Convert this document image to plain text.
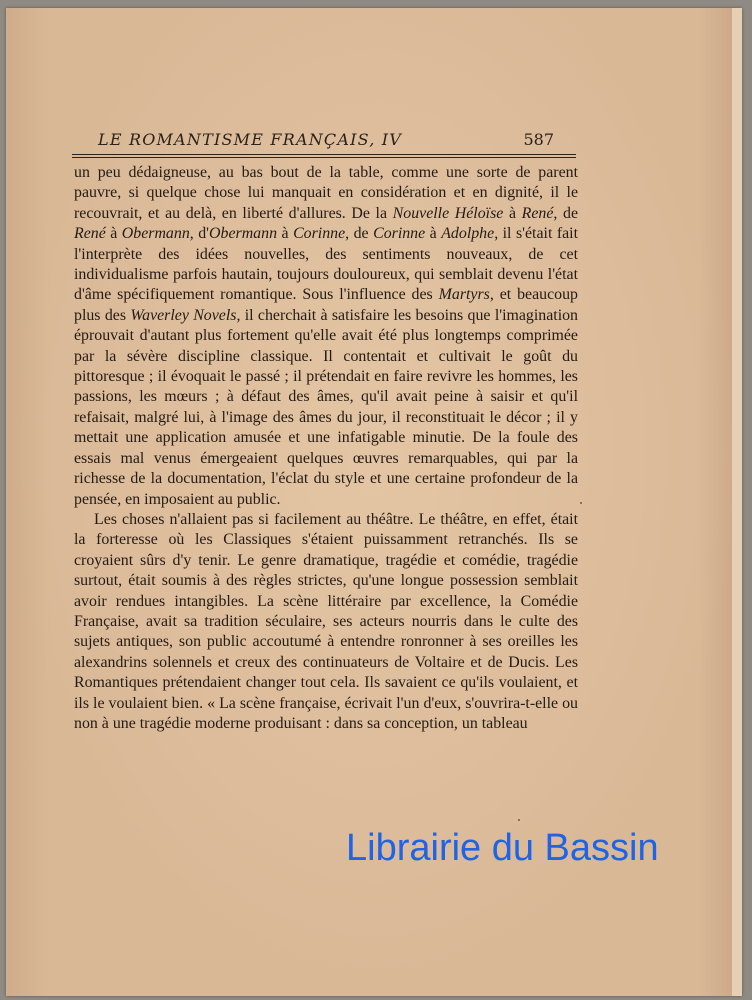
LE ROMANTISME FRANÇAIS, IV	587

un peu dédaigneuse, au bas bout de la table, comme une sorte de parent pauvre, si quelque chose lui manquait en considération et en dignité, il le recouvrait, et au delà, en liberté d'allures. De la Nouvelle Héloïse à René, de René à Obermann, d'Obermann à Corinne, de Corinne à Adolphe, il s'était fait l'interprète des idées nouvelles, des sentiments nouveaux, de cet individualisme parfois hautain, toujours douloureux, qui semblait devenu l'état d'âme spécifiquement romantique. Sous l'influence des Martyrs, et beaucoup plus des Waverley Novels, il cherchait à satisfaire les besoins que l'imagination éprouvait d'autant plus fortement qu'elle avait été plus longtemps comprimée par la sévère discipline classique. Il contentait et cultivait le goût du pittoresque ; il évoquait le passé ; il prétendait en faire revivre les hommes, les passions, les mœurs ; à défaut des âmes, qu'il avait peine à saisir et qu'il refaisait, malgré lui, à l'image des âmes du jour, il reconstituait le décor ; il y mettait une application amusée et une infatigable minutie. De la foule des essais mal venus émergeaient quelques œuvres remarquables, qui par la richesse de la documentation, l'éclat du style et une certaine profondeur de la pensée, en imposaient au public.

Les choses n'allaient pas si facilement au théâtre. Le théâtre, en effet, était la forteresse où les Classiques s'étaient puissamment retranchés. Ils se croyaient sûrs d'y tenir. Le genre dramatique, tragédie et comédie, tragédie surtout, était soumis à des règles strictes, qu'une longue possession semblait avoir rendues intangibles. La scène littéraire par excellence, la Comédie Française, avait sa tradition séculaire, ses acteurs nourris dans le culte des sujets antiques, son public accoutumé à entendre ronronner à ses oreilles les alexandrins solennels et creux des continuateurs de Voltaire et de Ducis. Les Romantiques prétendaient changer tout cela. Ils savaient ce qu'ils voulaient, et ils le voulaient bien. « La scène française, écrivait l'un d'eux, s'ouvrira-t-elle ou non à une tragédie moderne produisant : dans sa conception, un tableau

Librairie du Bassin
